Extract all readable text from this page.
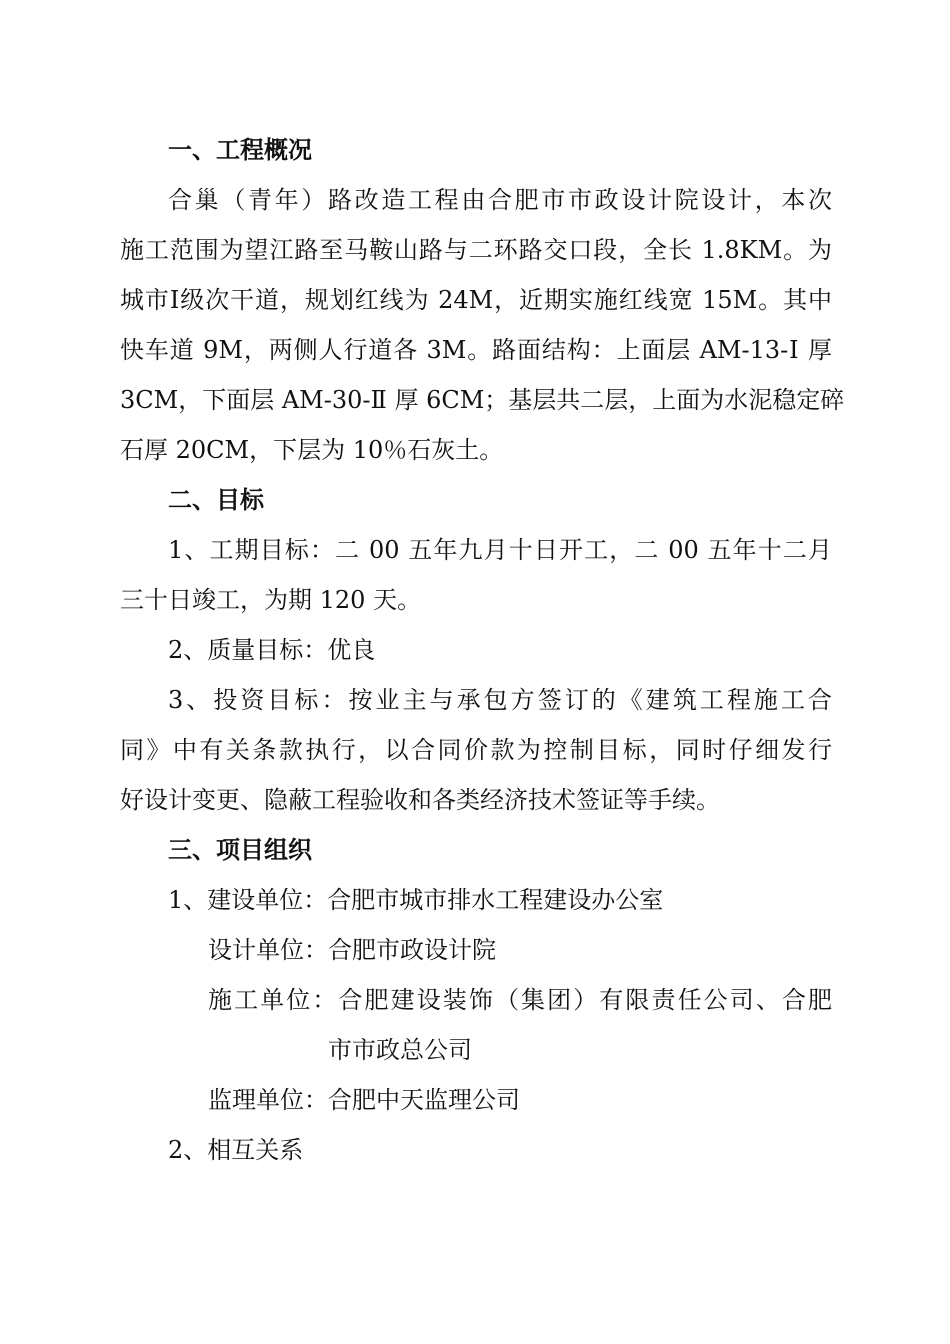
一、工程概况
合巢（青年）路改造工程由合肥市市政设计院设计，本次
施工范围为望江路至马鞍山路与二环路交口段，全长 1.8KM。为
城市Ⅰ级次干道，规划红线为 24M，近期实施红线宽 15M。其中
快车道 9M，两侧人行道各 3M。路面结构：上面层 AM-13-Ⅰ 厚
3CM，下面层 AM-30-Ⅱ 厚 6CM；基层共二层，上面为水泥稳定碎
石厚 20CM，下层为 10％石灰土。
二、目标
1、工期目标：二 00 五年九月十日开工，二 00 五年十二月
三十日竣工，为期 120 天。
2、质量目标：优良
3、投资目标：按业主与承包方签订的《建筑工程施工合
同》中有关条款执行，以合同价款为控制目标，同时仔细发行
好设计变更、隐蔽工程验收和各类经济技术签证等手续。
三、项目组织
1、建设单位：合肥市城市排水工程建设办公室
设计单位：合肥市政设计院
施工单位：合肥建设装饰（集团）有限责任公司、合肥
市市政总公司
监理单位：合肥中天监理公司
2、相互关系
